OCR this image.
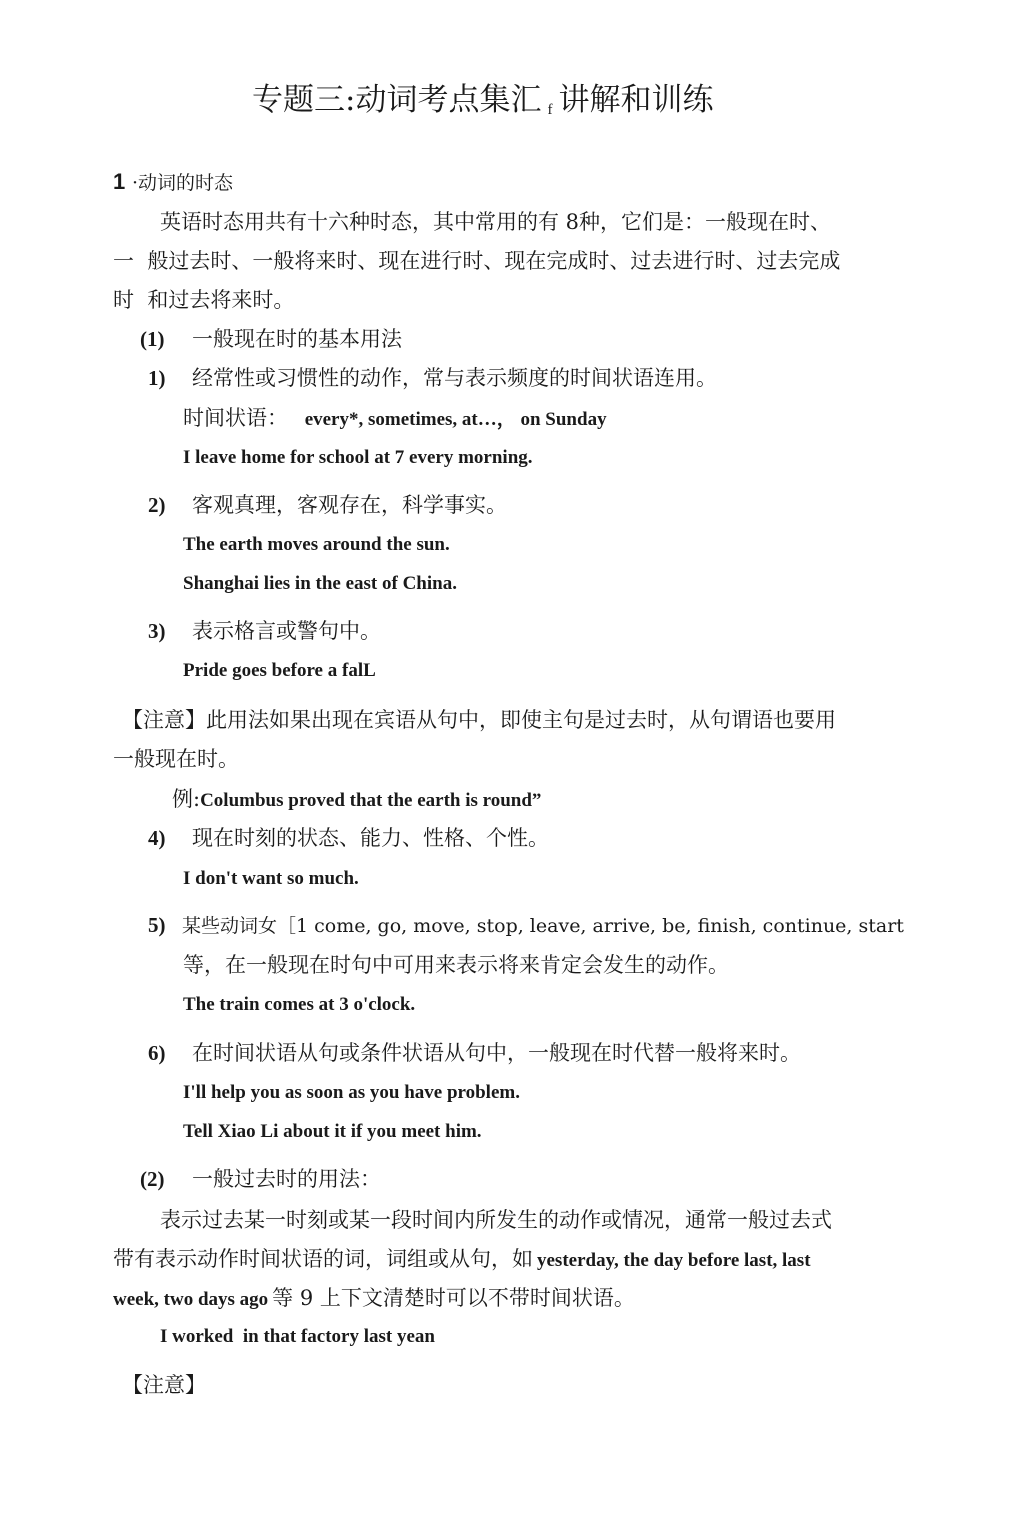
专题三:动词考点集汇 $_f$ 讲解和训练
1 ·动词的时态
英语时态用共有十六种时态，其中常用的有 8种，它们是：一般现在时、
一  般过去时、一般将来时、现在进行时、现在完成时、过去进行时、过去完成
时  和过去将来时。
(1) 一般现在时的基本用法
1) 经常性或习惯性的动作，常与表示频度的时间状语连用。
时间状语： every*, sometimes, at…， on Sunday
I leave home for school at 7 every morning.
2) 客观真理，客观存在，科学事实。
The earth moves around the sun.
Shanghai lies in the east of China.
3) 表示格言或警句中。
Pride goes before a falL
【注意】此用法如果出现在宾语从句中，即使主句是过去时，从句谓语也要用
一般现在时。
例:Columbus proved that the earth is round”
4) 现在时刻的状态、能力、性格、个性。
I don't want so much.
5) 某些动词女［1 come, go, move, stop, leave, arrive, be, finish, continue, start
等，在一般现在时句中可用来表示将来肯定会发生的动作。
The train comes at 3 o'clock.
6) 在时间状语从句或条件状语从句中，一般现在时代替一般将来时。
I'll help you as soon as you have problem.
Tell Xiao Li about it if you meet him.
(2) 一般过去时的用法：
表示过去某一时刻或某一段时间内所发生的动作或情况，通常一般过去式
带有表示动作时间状语的词，词组或从句，如 yesterday, the day before last, last
week, two days ago 等 9 上下文清楚时可以不带时间状语。
I worked  in that factory last yean
【注意】
